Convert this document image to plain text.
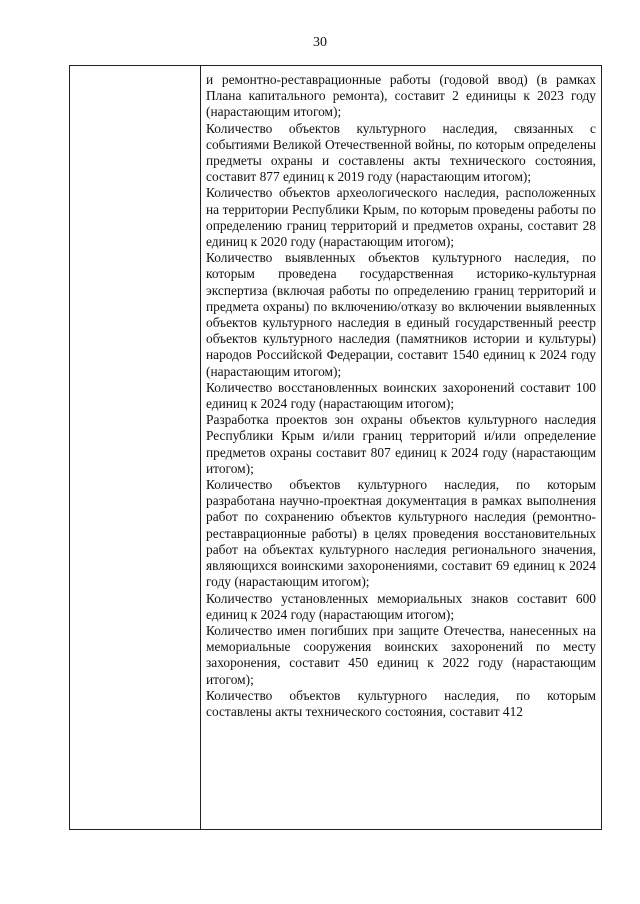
30

и ремонтно-реставрационные работы (годовой ввод) (в рамках Плана капитального ремонта), составит 2 единицы к 2023 году (нарастающим итогом);

Количество объектов культурного наследия, связанных с событиями Великой Отечественной войны, по которым определены предметы охраны и составлены акты технического состояния, составит 877 единиц к 2019 году (нарастающим итогом);

Количество объектов археологического наследия, расположенных на территории Республики Крым, по которым проведены работы по определению границ территорий и предметов охраны, составит 28 единиц к 2020 году (нарастающим итогом);

Количество выявленных объектов культурного наследия, по которым проведена государственная историко-культурная экспертиза (включая работы по определению границ территорий и предмета охраны) по включению/отказу во включении выявленных объектов культурного наследия в единый государственный реестр объектов культурного наследия (памятников истории и культуры) народов Российской Федерации, составит 1540 единиц к 2024 году (нарастающим итогом);

Количество восстановленных воинских захоронений составит 100 единиц к 2024 году (нарастающим итогом);

Разработка проектов зон охраны объектов культурного наследия Республики Крым и/или границ территорий и/или определение предметов охраны составит 807 единиц к 2024 году (нарастающим итогом);

Количество объектов культурного наследия, по которым разработана научно-проектная документация в рамках выполнения работ по сохранению объектов культурного наследия (ремонтно-реставрационные работы) в целях проведения восстановительных работ на объектах культурного наследия регионального значения, являющихся воинскими захоронениями, составит 69 единиц к 2024 году (нарастающим итогом);

Количество установленных мемориальных знаков составит 600 единиц к 2024 году (нарастающим итогом);

Количество имен погибших при защите Отечества, нанесенных на мемориальные сооружения воинских захоронений по месту захоронения, составит 450 единиц к 2022 году (нарастающим итогом);

Количество объектов культурного наследия, по которым составлены акты технического состояния, составит 412
